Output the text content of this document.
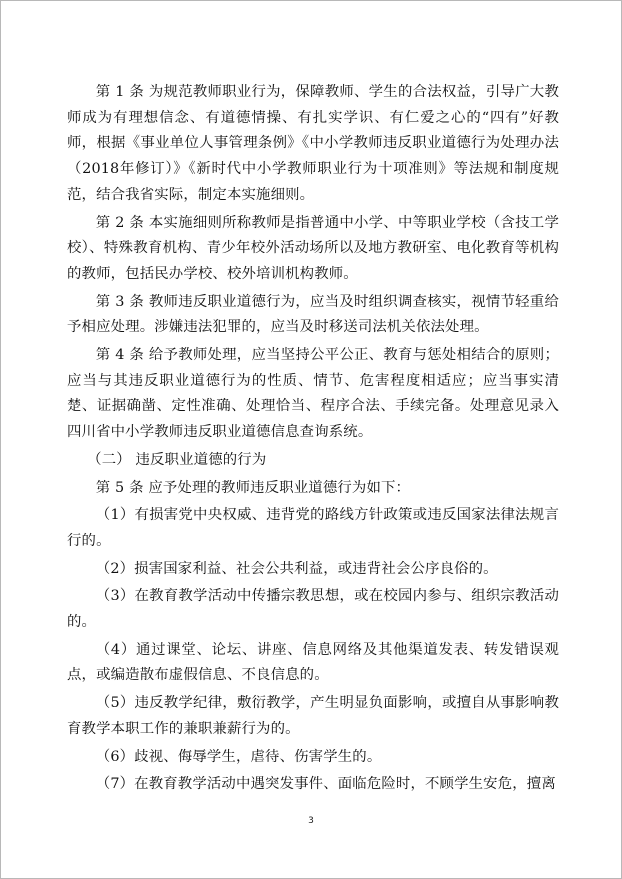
第 1 条 为规范教师职业行为，保障教师、学生的合法权益，引导广大教师成为有理想信念、有道德情操、有扎实学识、有仁爱之心的“四有”好教师，根据《事业单位人事管理条例》《中小学教师违反职业道德行为处理办法（2018年修订）》《新时代中小学教师职业行为十项准则》等法规和制度规范，结合我省实际，制定本实施细则。

第 2 条 本实施细则所称教师是指普通中小学、中等职业学校（含技工学校）、特殊教育机构、青少年校外活动场所以及地方教研室、电化教育等机构的教师，包括民办学校、校外培训机构教师。

第 3 条 教师违反职业道德行为，应当及时组织调查核实，视情节轻重给予相应处理。涉嫌违法犯罪的，应当及时移送司法机关依法处理。

第 4 条 给予教师处理，应当坚持公平公正、教育与惩处相结合的原则；应当与其违反职业道德行为的性质、情节、危害程度相适应；应当事实清楚、证据确凿、定性准确、处理恰当、程序合法、手续完备。处理意见录入四川省中小学教师违反职业道德信息查询系统。

（二） 违反职业道德的行为

第 5 条 应予处理的教师违反职业道德行为如下：

（1）有损害党中央权威、违背党的路线方针政策或违反国家法律法规言行的。

（2）损害国家利益、社会公共利益，或违背社会公序良俗的。

（3）在教育教学活动中传播宗教思想，或在校园内参与、组织宗教活动的。

（4）通过课堂、论坛、讲座、信息网络及其他渠道发表、转发错误观点，或编造散布虚假信息、不良信息的。

（5）违反教学纪律，敷衍教学，产生明显负面影响，或擅自从事影响教育教学本职工作的兼职兼薪行为的。

（6）歧视、侮辱学生，虐待、伤害学生的。

（7）在教育教学活动中遇突发事件、面临危险时，不顾学生安危，擅离

3
